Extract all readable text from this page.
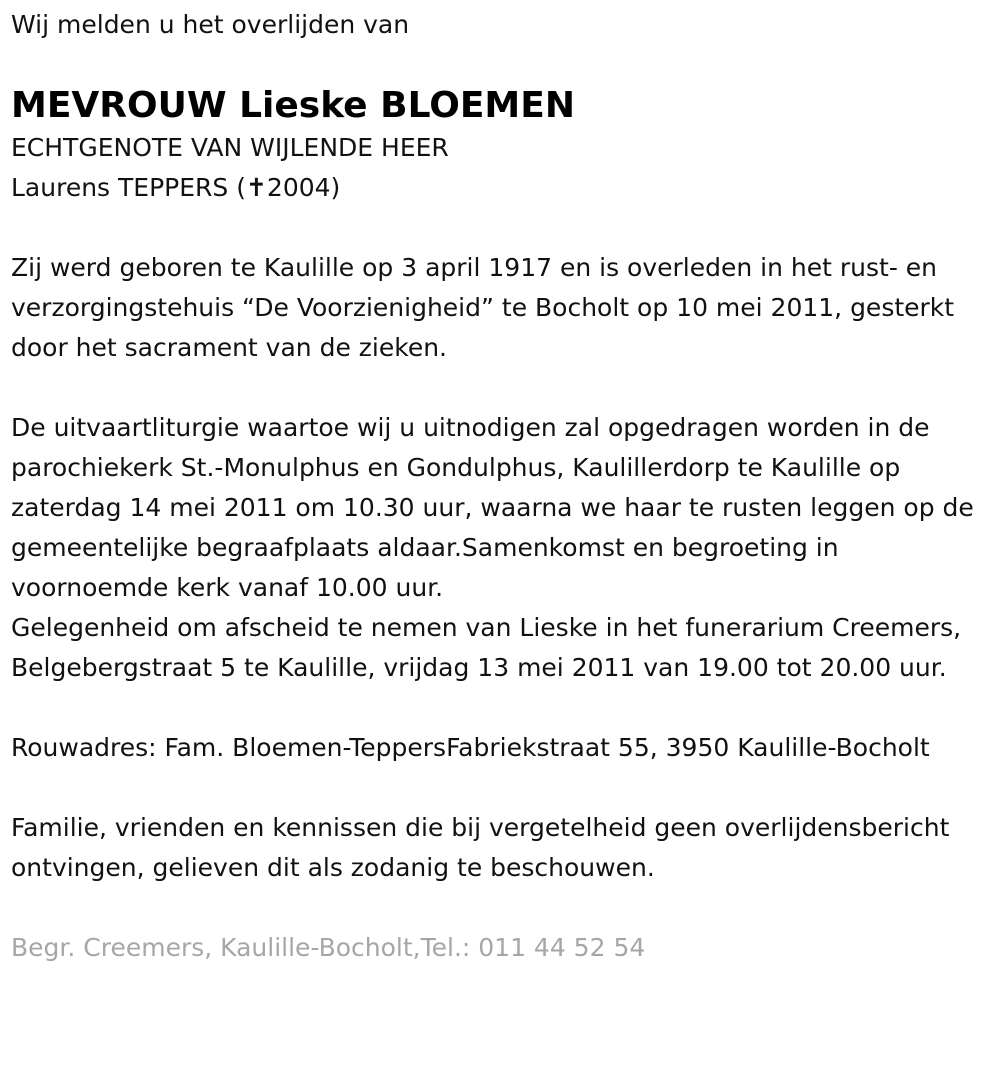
Wij melden u het overlijden van

MEVROUW Lieske BLOEMEN

ECHTGENOTE VAN WIJLENDE HEER

Laurens TEPPERS (✝2004)

Zij werd geboren te Kaulille op 3 april 1917 en is overleden in het rust- en verzorgingstehuis “De Voorzienigheid” te Bocholt op 10 mei 2011, gesterkt door het sacrament van de zieken.

De uitvaartliturgie waartoe wij u uitnodigen zal opgedragen worden in de parochiekerk St.-Monulphus en Gondulphus, Kaulillerdorp te Kaulille op zaterdag 14 mei 2011 om 10.30 uur, waarna we haar te rusten leggen op de gemeentelijke begraafplaats aldaar.Samenkomst en begroeting in voornoemde kerk vanaf 10.00 uur.

Gelegenheid om afscheid te nemen van Lieske in het funerarium Creemers, Belgebergstraat 5 te Kaulille, vrijdag 13 mei 2011 van 19.00 tot 20.00 uur.

Rouwadres: Fam. Bloemen-TeppersFabriekstraat 55, 3950 Kaulille-Bocholt

Familie, vrienden en kennissen die bij vergetelheid geen overlijdensbericht ontvingen, gelieven dit als zodanig te beschouwen.

Begr. Creemers, Kaulille-Bocholt,Tel.: 011 44 52 54
